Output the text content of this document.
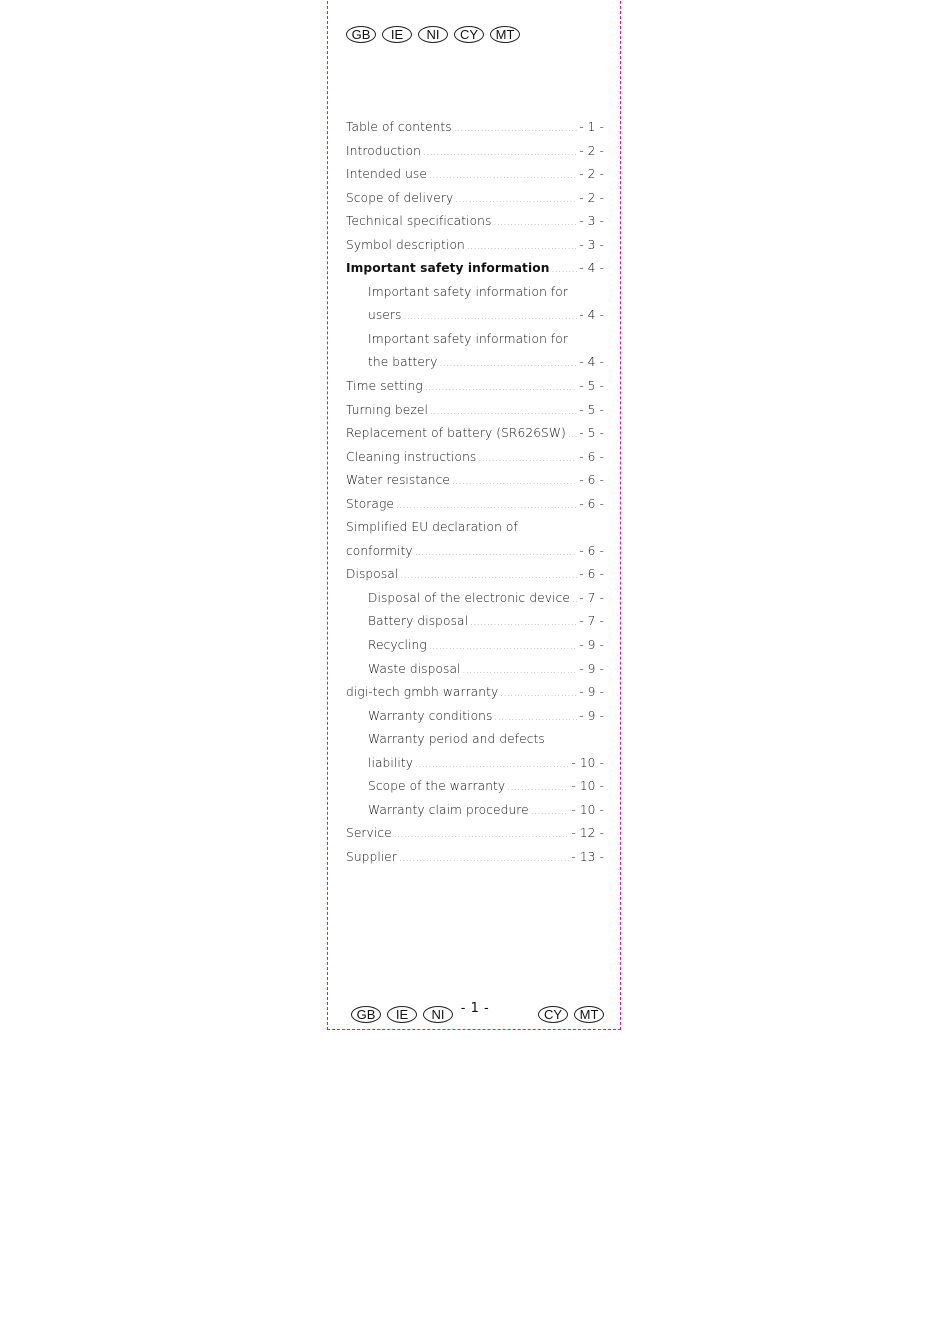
GB	IE	NI	CY	MT
Table of contents .....	- 1 -
Introduction .....	- 2 -
Intended use .....	- 2 -
Scope of delivery .....	- 2 -
Technical specifications .....	- 3 -
Symbol description .....	- 3 -
Important safety information ..... - 4 -
Important safety information for
users .....	- 4 -
Important safety information for
the battery .....	- 4 -
Time setting .....	- 5 -
Turning bezel .....	- 5 -
Replacement of battery (SR626SW) ..... - 5 -
Cleaning instructions .....	- 6 -
Water resistance .....	- 6 -
Storage .....	- 6 -
Simplified EU declaration of
conformity .....	- 6 -
Disposal .....	- 6 -
Disposal of the electronic device ..... - 7 -
Battery disposal .....	- 7 -
Recycling .....	- 9 -
Waste disposal .....	- 9 -
digi-tech gmbh warranty .....	- 9 -
Warranty conditions .....	- 9 -
Warranty period and defects
liability .....	- 10 -
Scope of the warranty .....	- 10 -
Warranty claim procedure .....	- 10 -
Service .....	- 12 -
Supplier .....	- 13 -
GB	IE	NI	- 1 -	CY	MT
